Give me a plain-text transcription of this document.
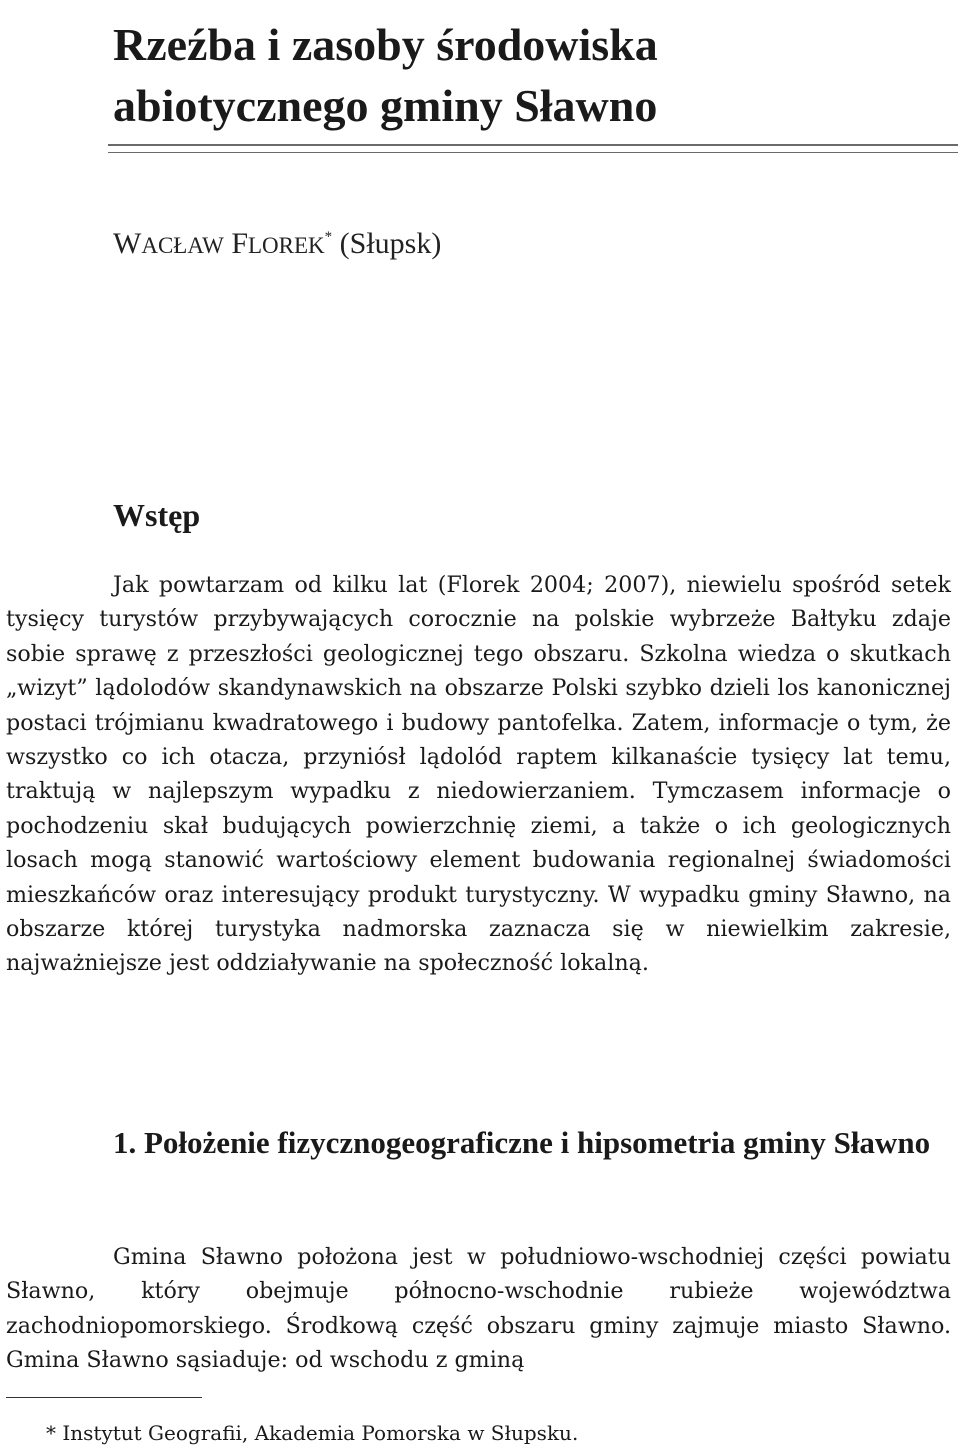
Rzeźba i zasoby środowiska abiotycznego gminy Sławno
WACŁAW FLOREK* (Słupsk)
Wstęp

Jak powtarzam od kilku lat (Florek 2004; 2007), niewielu spośród setek tysięcy turystów przybywających corocznie na polskie wybrzeże Bałtyku zdaje sobie sprawę z przeszłości geologicznej tego obszaru. Szkolna wiedza o skutkach „wizyt” lądolodów skandynawskich na obszarze Polski szybko dzieli los kanonicznej postaci trójmianu kwadratowego i budowy pantofelka. Zatem, informacje o tym, że wszystko co ich otacza, przyniósł lądolód raptem kilkanaście tysięcy lat temu, traktują w najlepszym wypadku z niedowierzaniem. Tymczasem informacje o pochodzeniu skał budujących powierzchnię ziemi, a także o ich geologicznych losach mogą stanowić wartościowy element budowania regionalnej świadomości mieszkańców oraz interesujący produkt turystyczny. W wypadku gminy Sławno, na obszarze której turystyka nadmorska zaznacza się w niewielkim zakresie, najważniejsze jest oddziaływanie na społeczność lokalną.

1. Położenie fizycznogeograficzne i hipsometria gminy Sławno

Gmina Sławno położona jest w południowo-wschodniej części powiatu Sławno, który obejmuje północno-wschodnie rubieże województwa zachodniopomorskiego. Środkową część obszaru gminy zajmuje miasto Sławno. Gmina Sławno sąsiaduje: od wschodu z gminą

* Instytut Geografii, Akademia Pomorska w Słupsku.
